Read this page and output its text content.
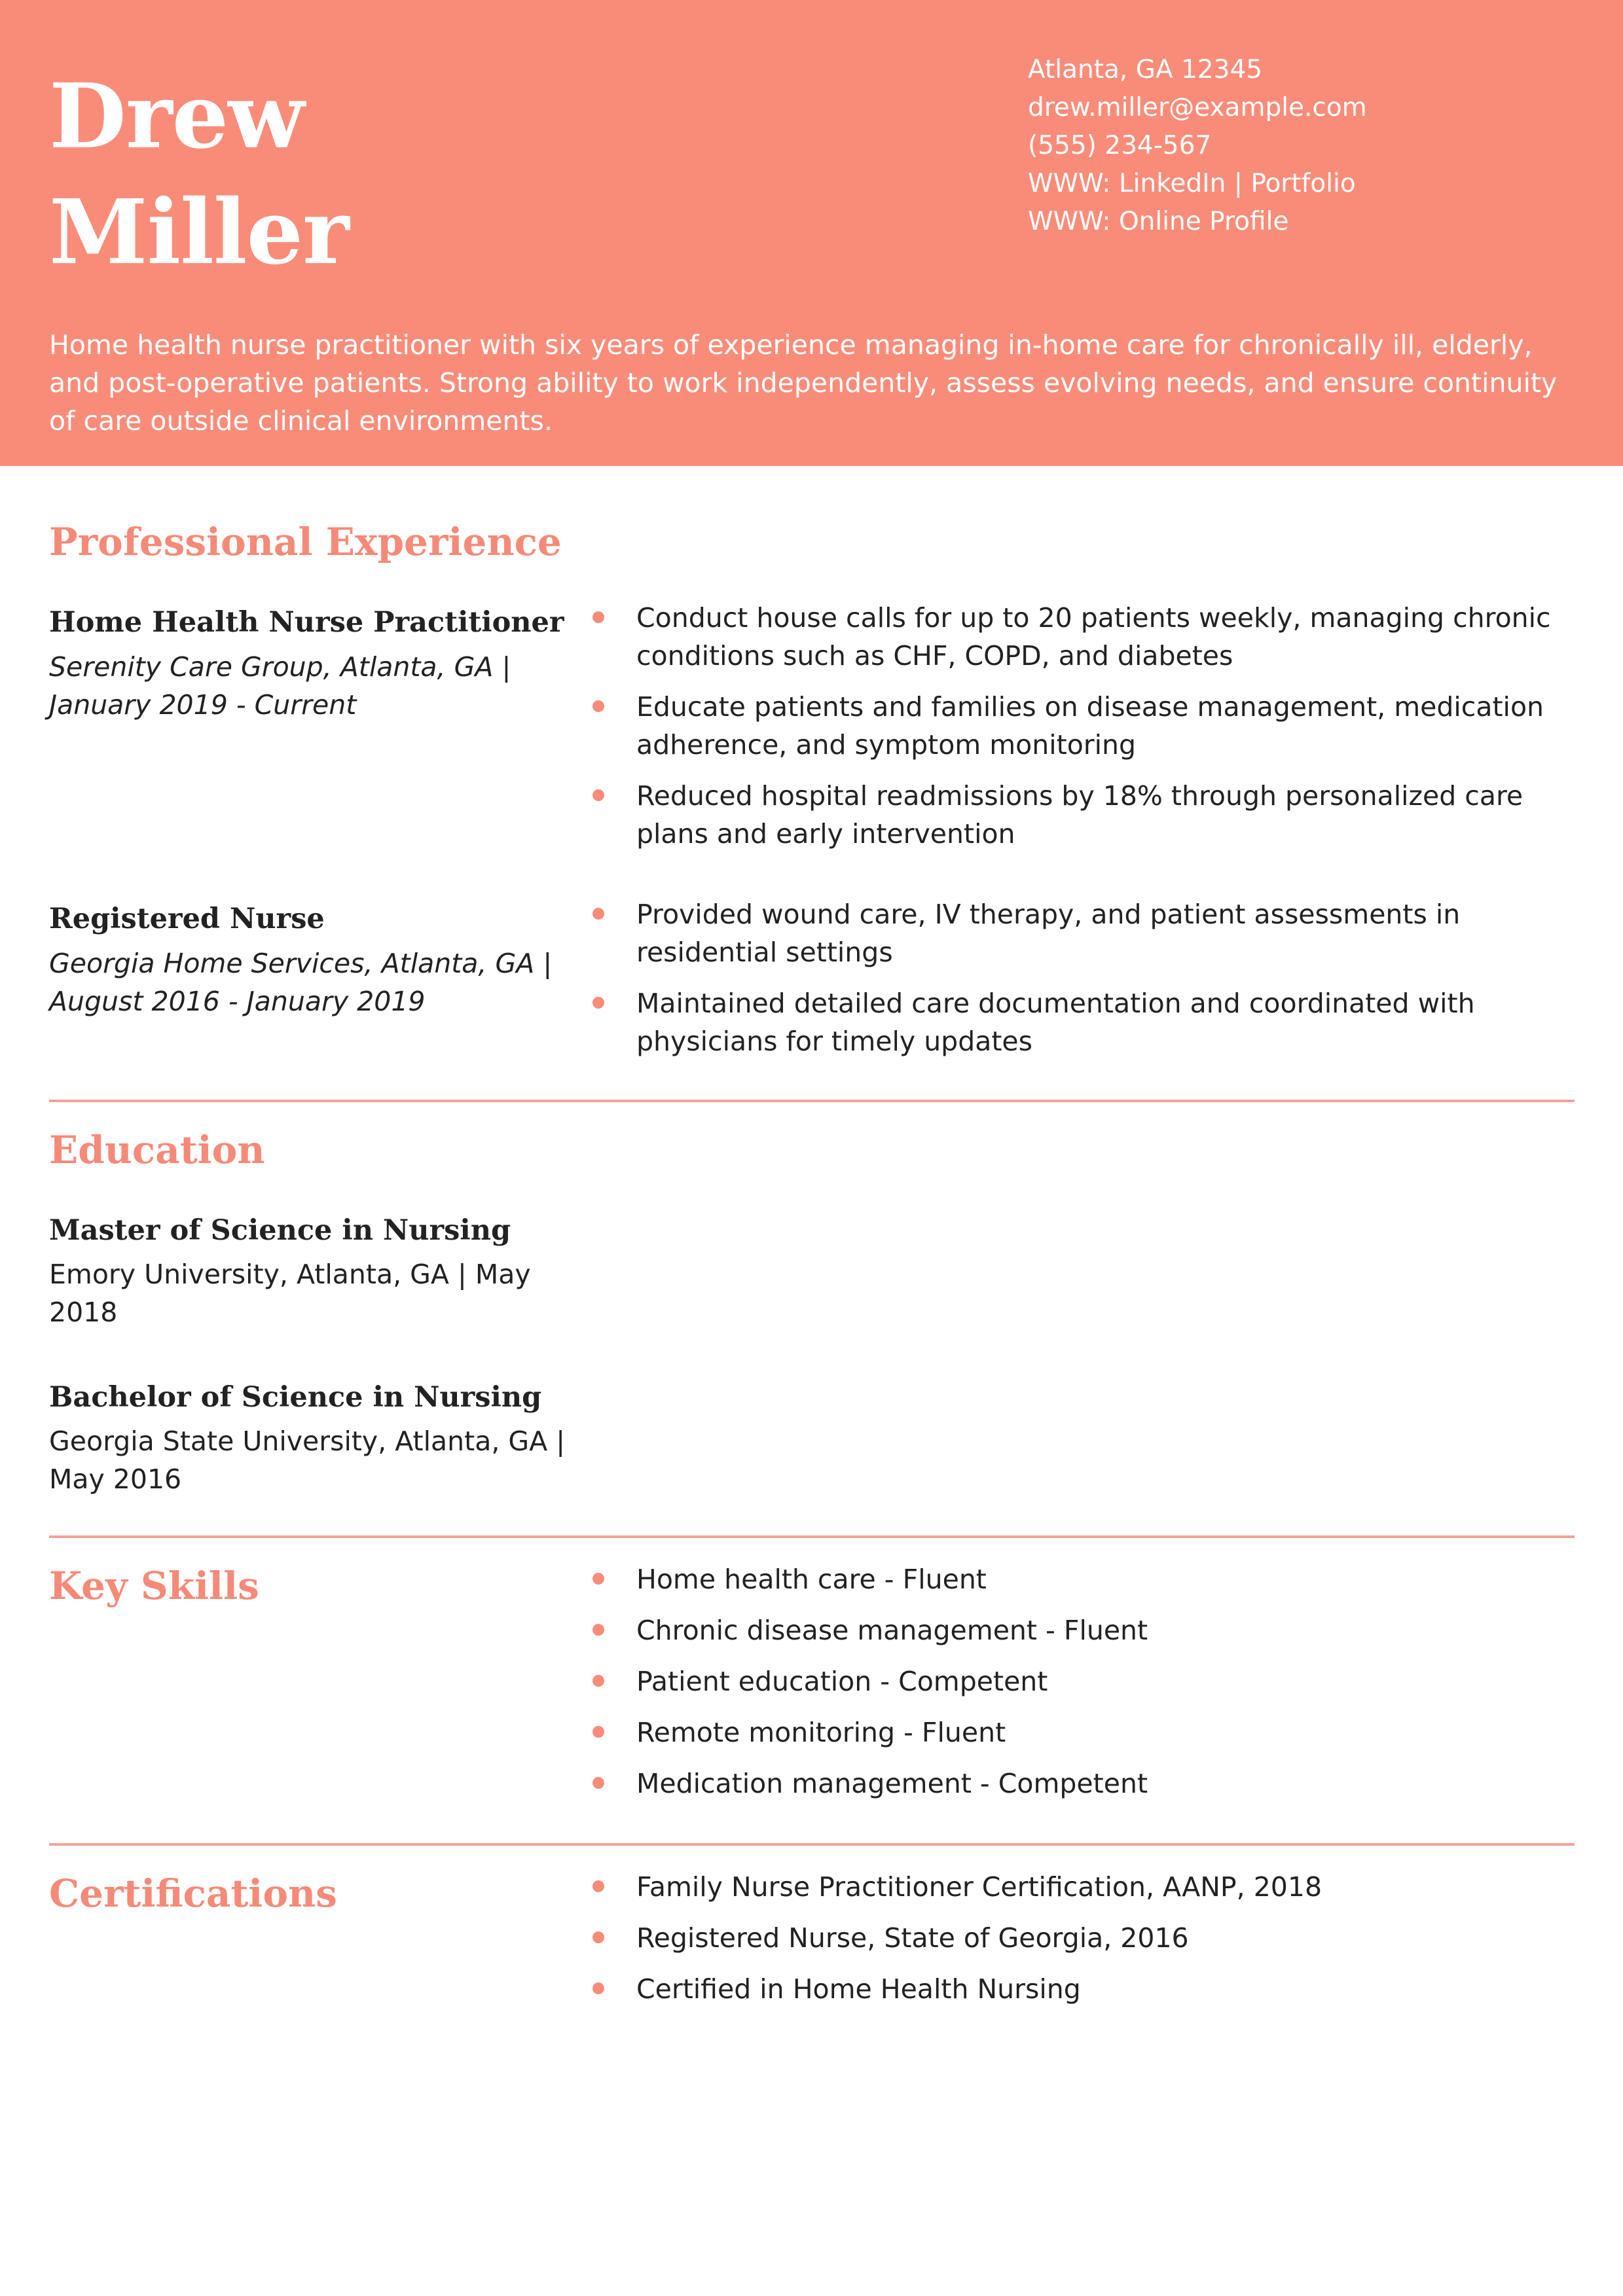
Drew
Miller
Atlanta, GA 12345
drew.miller@example.com
(555) 234-567
WWW: LinkedIn | Portfolio
WWW: Online Profile
Home health nurse practitioner with six years of experience managing in-home care for chronically ill, elderly, and post-operative patients. Strong ability to work independently, assess evolving needs, and ensure continuity of care outside clinical environments.
Professional Experience
Home Health Nurse Practitioner
Serenity Care Group, Atlanta, GA | January 2019 - Current
Conduct house calls for up to 20 patients weekly, managing chronic conditions such as CHF, COPD, and diabetes
Educate patients and families on disease management, medication adherence, and symptom monitoring
Reduced hospital readmissions by 18% through personalized care plans and early intervention
Registered Nurse
Georgia Home Services, Atlanta, GA | August 2016 - January 2019
Provided wound care, IV therapy, and patient assessments in residential settings
Maintained detailed care documentation and coordinated with physicians for timely updates
Education
Master of Science in Nursing
Emory University, Atlanta, GA | May 2018
Bachelor of Science in Nursing
Georgia State University, Atlanta, GA | May 2016
Key Skills	Home health care - Fluent
Chronic disease management - Fluent
Patient education - Competent
Remote monitoring - Fluent
Medication management - Competent
Certifications	Family Nurse Practitioner Certification, AANP, 2018
Registered Nurse, State of Georgia, 2016
Certified in Home Health Nursing
